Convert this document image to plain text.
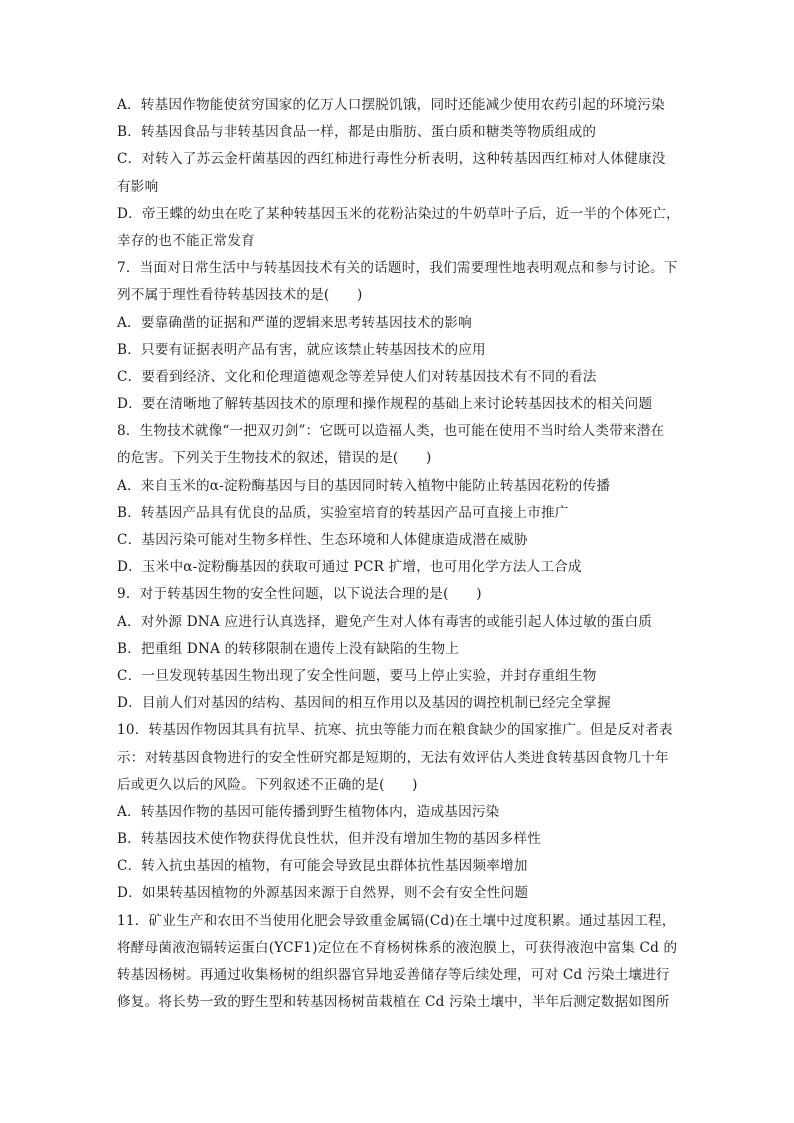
A．转基因作物能使贫穷国家的亿万人口摆脱饥饿，同时还能减少使用农药引起的环境污染
B．转基因食品与非转基因食品一样，都是由脂肪、蛋白质和糖类等物质组成的
C．对转入了苏云金杆菌基因的西红柿进行毒性分析表明，这种转基因西红柿对人体健康没
有影响
D．帝王蝶的幼虫在吃了某种转基因玉米的花粉沾染过的牛奶草叶子后，近一半的个体死亡，
幸存的也不能正常发育
7．当面对日常生活中与转基因技术有关的话题时，我们需要理性地表明观点和参与讨论。下
列不属于理性看待转基因技术的是(　　)
A．要靠确凿的证据和严谨的逻辑来思考转基因技术的影响
B．只要有证据表明产品有害，就应该禁止转基因技术的应用
C．要看到经济、文化和伦理道德观念等差异使人们对转基因技术有不同的看法
D．要在清晰地了解转基因技术的原理和操作规程的基础上来讨论转基因技术的相关问题
8．生物技术就像“一把双刃剑”：它既可以造福人类，也可能在使用不当时给人类带来潜在
的危害。下列关于生物技术的叙述，错误的是(　　)
A．来自玉米的α-淀粉酶基因与目的基因同时转入植物中能防止转基因花粉的传播
B．转基因产品具有优良的品质，实验室培育的转基因产品可直接上市推广
C．基因污染可能对生物多样性、生态环境和人体健康造成潜在威胁
D．玉米中α-淀粉酶基因的获取可通过 PCR 扩增，也可用化学方法人工合成
9．对于转基因生物的安全性问题，以下说法合理的是(　　)
A．对外源 DNA 应进行认真选择，避免产生对人体有毒害的或能引起人体过敏的蛋白质
B．把重组 DNA 的转移限制在遗传上没有缺陷的生物上
C．一旦发现转基因生物出现了安全性问题，要马上停止实验，并封存重组生物
D．目前人们对基因的结构、基因间的相互作用以及基因的调控机制已经完全掌握
10．转基因作物因其具有抗旱、抗寒、抗虫等能力而在粮食缺少的国家推广。但是反对者表
示：对转基因食物进行的安全性研究都是短期的，无法有效评估人类进食转基因食物几十年
后或更久以后的风险。下列叙述不正确的是(　　)
A．转基因作物的基因可能传播到野生植物体内，造成基因污染
B．转基因技术使作物获得优良性状，但并没有增加生物的基因多样性
C．转入抗虫基因的植物，有可能会导致昆虫群体抗性基因频率增加
D．如果转基因植物的外源基因来源于自然界，则不会有安全性问题
11．矿业生产和农田不当使用化肥会导致重金属镉(Cd)在土壤中过度积累。通过基因工程，
将酵母菌液泡镉转运蛋白(YCF1)定位在不育杨树株系的液泡膜上，可获得液泡中富集 Cd 的
转基因杨树。再通过收集杨树的组织器官异地妥善储存等后续处理，可对 Cd 污染土壤进行
修复。将长势一致的野生型和转基因杨树苗栽植在 Cd 污染土壤中，半年后测定数据如图所
